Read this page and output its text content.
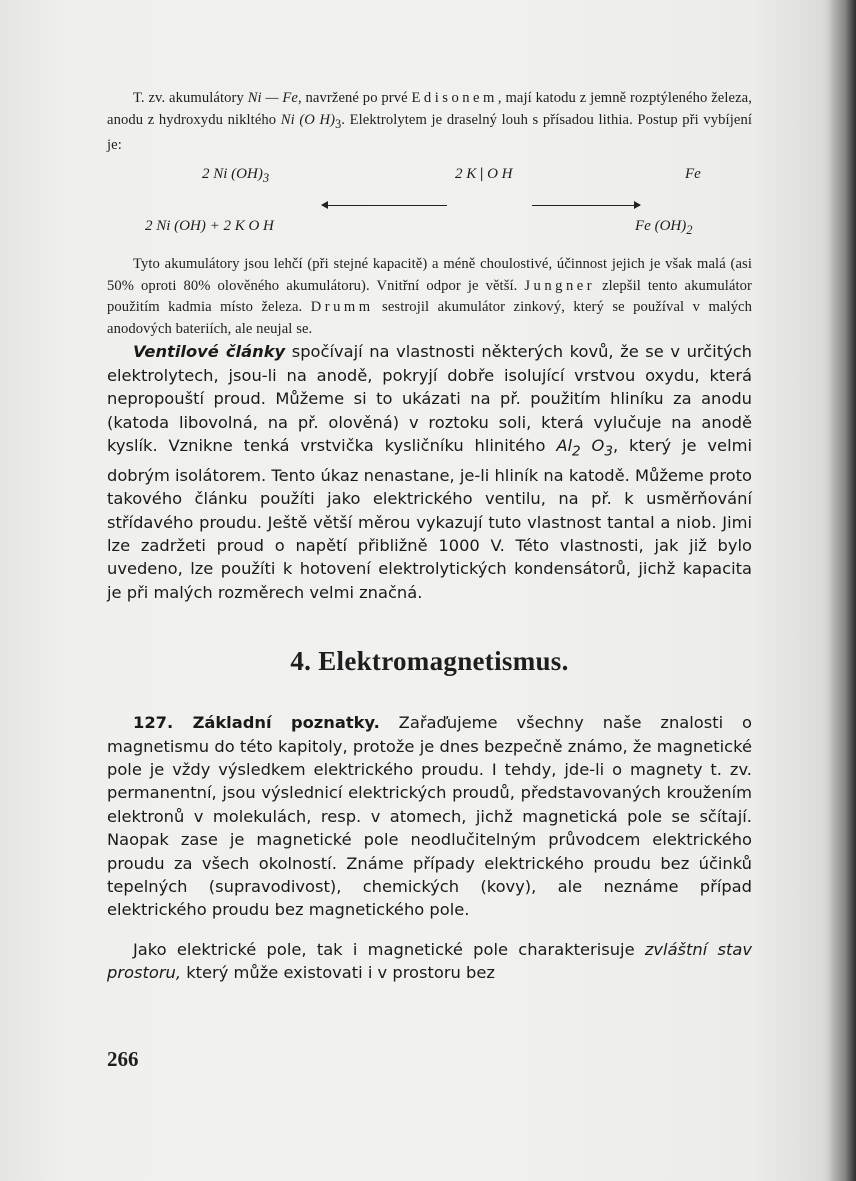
T. zv. akumulátory Ni — Fe, navržené po prvé Edisonem, mají katodu z jemně rozptýleného železa, anodu z hydroxydu nikltého Ni (O $H)_3$. Elektrolytem je draselný louh s přísadou lithia. Postup při vybíjení je:

2 Ni $(OH)_3$	2 K | O H	Fe
2 Ni (OH) + 2 K O H	Fe $(OH)_2$

Tyto akumulátory jsou lehčí (při stejné kapacitě) a méně choulostivé, účinnost jejich je však malá (asi 50% oproti 80% olověného akumulátoru). Vnitřní odpor je větší. Jungner zlepšil tento akumulátor použitím kadmia místo železa. Drumm sestrojil akumulátor zinkový, který se používal v malých anodových bateriích, ale neujal se.

Ventilové články spočívají na vlastnosti některých kovů, že se v určitých elektrolytech, jsou-li na anodě, pokryjí dobře isolující vrstvou oxydu, která nepropouští proud. Můžeme si to ukázati na př. použitím hliníku za anodu (katoda libovolná, na př. olověná) v roztoku soli, která vylučuje na anodě kyslík. Vznikne tenká vrstvička kysličníku hlinitého $Al_2$ $O_3$, který je velmi dobrým isolátorem. Tento úkaz nenastane, je-li hliník na katodě. Můžeme proto takového článku použíti jako elektrického ventilu, na př. k usměrňování střídavého proudu. Ještě větší měrou vykazují tuto vlastnost tantal a niob. Jimi lze zadržeti proud o napětí přibližně 1000 V. Této vlastnosti, jak již bylo uvedeno, lze použíti k hotovení elektrolytických kondensátorů, jichž kapacita je při malých rozměrech velmi značná.

4. Elektromagnetismus.

127. Základní poznatky. Zařaďujeme všechny naše znalosti o magnetismu do této kapitoly, protože je dnes bezpečně známo, že magnetické pole je vždy výsledkem elektrického proudu. I tehdy, jde-li o magnety t. zv. permanentní, jsou výslednicí elektrických proudů, představovaných kroužením elektronů v molekulách, resp. v atomech, jichž magnetická pole se sčítají. Naopak zase je magnetické pole neodlučitelným průvodcem elektrického proudu za všech okolností. Známe případy elektrického proudu bez účinků tepelných (supravodivost), chemických (kovy), ale neznáme případ elektrického proudu bez magnetického pole.

Jako elektrické pole, tak i magnetické pole charakterisuje zvláštní stav prostoru, který může existovati i v prostoru bez

266
